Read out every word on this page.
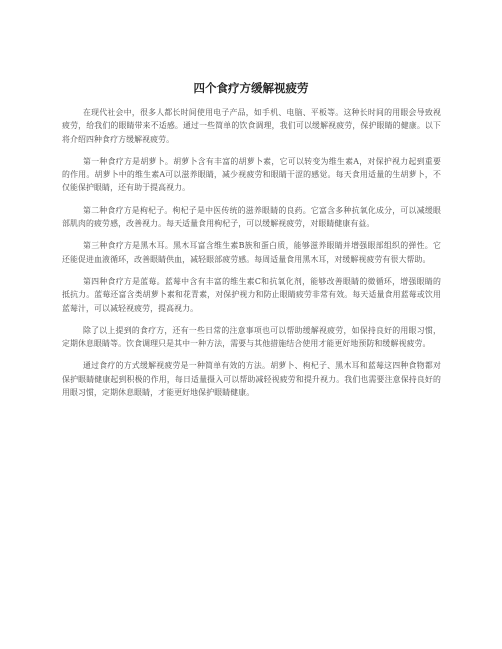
四个食疗方缓解视疲劳

在现代社会中，很多人都长时间使用电子产品，如手机、电脑、平板等。这种长时间的用眼会导致视疲劳，给我们的眼睛带来不适感。通过一些简单的饮食调理，我们可以缓解视疲劳，保护眼睛的健康。以下将介绍四种食疗方缓解视疲劳。

第一种食疗方是胡萝卜。胡萝卜含有丰富的胡萝卜素，它可以转变为维生素A，对保护视力起到重要的作用。胡萝卜中的维生素A可以滋养眼睛，减少视疲劳和眼睛干涩的感觉。每天食用适量的生胡萝卜，不仅能保护眼睛，还有助于提高视力。

第二种食疗方是枸杞子。枸杞子是中医传统的滋养眼睛的良药。它富含多种抗氧化成分，可以减缓眼部肌肉的疲劳感，改善视力。每天适量食用枸杞子，可以缓解视疲劳，对眼睛健康有益。

第三种食疗方是黑木耳。黑木耳富含维生素B族和蛋白质，能够滋养眼睛并增强眼部组织的弹性。它还能促进血液循环，改善眼睛供血，减轻眼部疲劳感。每周适量食用黑木耳，对缓解视疲劳有很大帮助。

第四种食疗方是蓝莓。蓝莓中含有丰富的维生素C和抗氧化剂，能够改善眼睛的微循环，增强眼睛的抵抗力。蓝莓还富含类胡萝卜素和花青素，对保护视力和防止眼睛疲劳非常有效。每天适量食用蓝莓或饮用蓝莓汁，可以减轻视疲劳，提高视力。

除了以上提到的食疗方，还有一些日常的注意事项也可以帮助缓解视疲劳，如保持良好的用眼习惯，定期休息眼睛等。饮食调理只是其中一种方法，需要与其他措施结合使用才能更好地预防和缓解视疲劳。

通过食疗的方式缓解视疲劳是一种简单有效的方法。胡萝卜、枸杞子、黑木耳和蓝莓这四种食物都对保护眼睛健康起到积极的作用，每日适量摄入可以帮助减轻视疲劳和提升视力。我们也需要注意保持良好的用眼习惯，定期休息眼睛，才能更好地保护眼睛健康。
